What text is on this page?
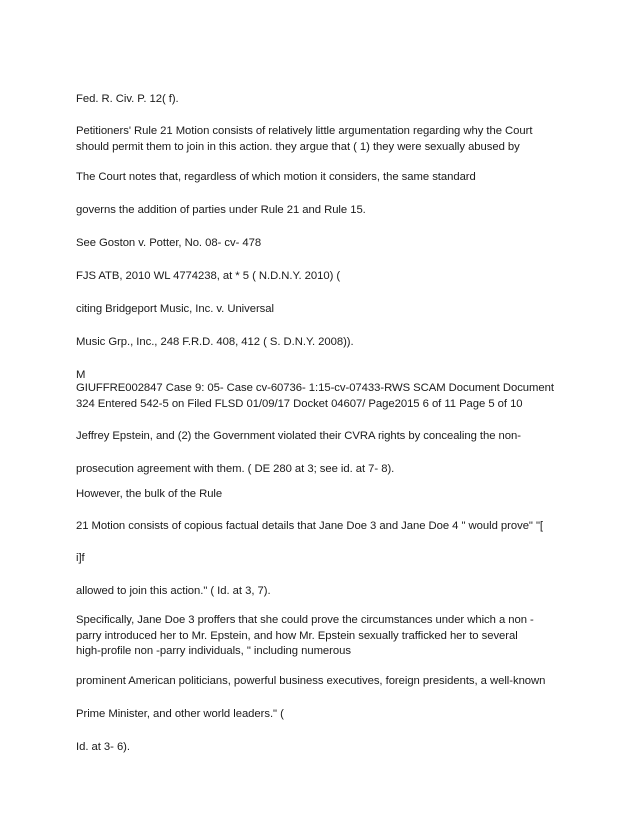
Fed. R. Civ. P. 12( f).

Petitioners' Rule 21 Motion consists of relatively little argumentation regarding why the Court
should permit them to join in this action. they argue that ( 1) they were sexually abused by

The Court notes that, regardless of which motion it considers, the same standard

governs the addition of parties under Rule 21 and Rule 15.

See Goston v. Potter, No. 08- cv- 478

FJS ATB, 2010 WL 4774238, at * 5 ( N.D.N.Y. 2010) (

citing Bridgeport Music, Inc. v. Universal

Music Grp., Inc., 248 F.R.D. 408, 412 ( S. D.N.Y. 2008)).

M

GIUFFRE002847 Case 9: 05- Case cv-60736- 1:15-cv-07433-RWS SCAM Document Document
324 Entered 542-5 on Filed FLSD 01/09/17 Docket 04607/ Page2015 6 of 11 Page 5 of 10

Jeffrey Epstein, and (2) the Government violated their CVRA rights by concealing the non-

prosecution agreement with them. ( DE 280 at 3; see id. at 7- 8).

However, the bulk of the Rule

21 Motion consists of copious factual details that Jane Doe 3 and Jane Doe 4 " would prove" "[

i]f

allowed to join this action." ( Id. at 3, 7).

Specifically, Jane Doe 3 proffers that she could prove the circumstances under which a non -
parry introduced her to Mr. Epstein, and how Mr. Epstein sexually trafficked her to several
high-profile non -parry individuals, " including numerous

prominent American politicians, powerful business executives, foreign presidents, a well-known

Prime Minister, and other world leaders." (

Id. at 3- 6).
